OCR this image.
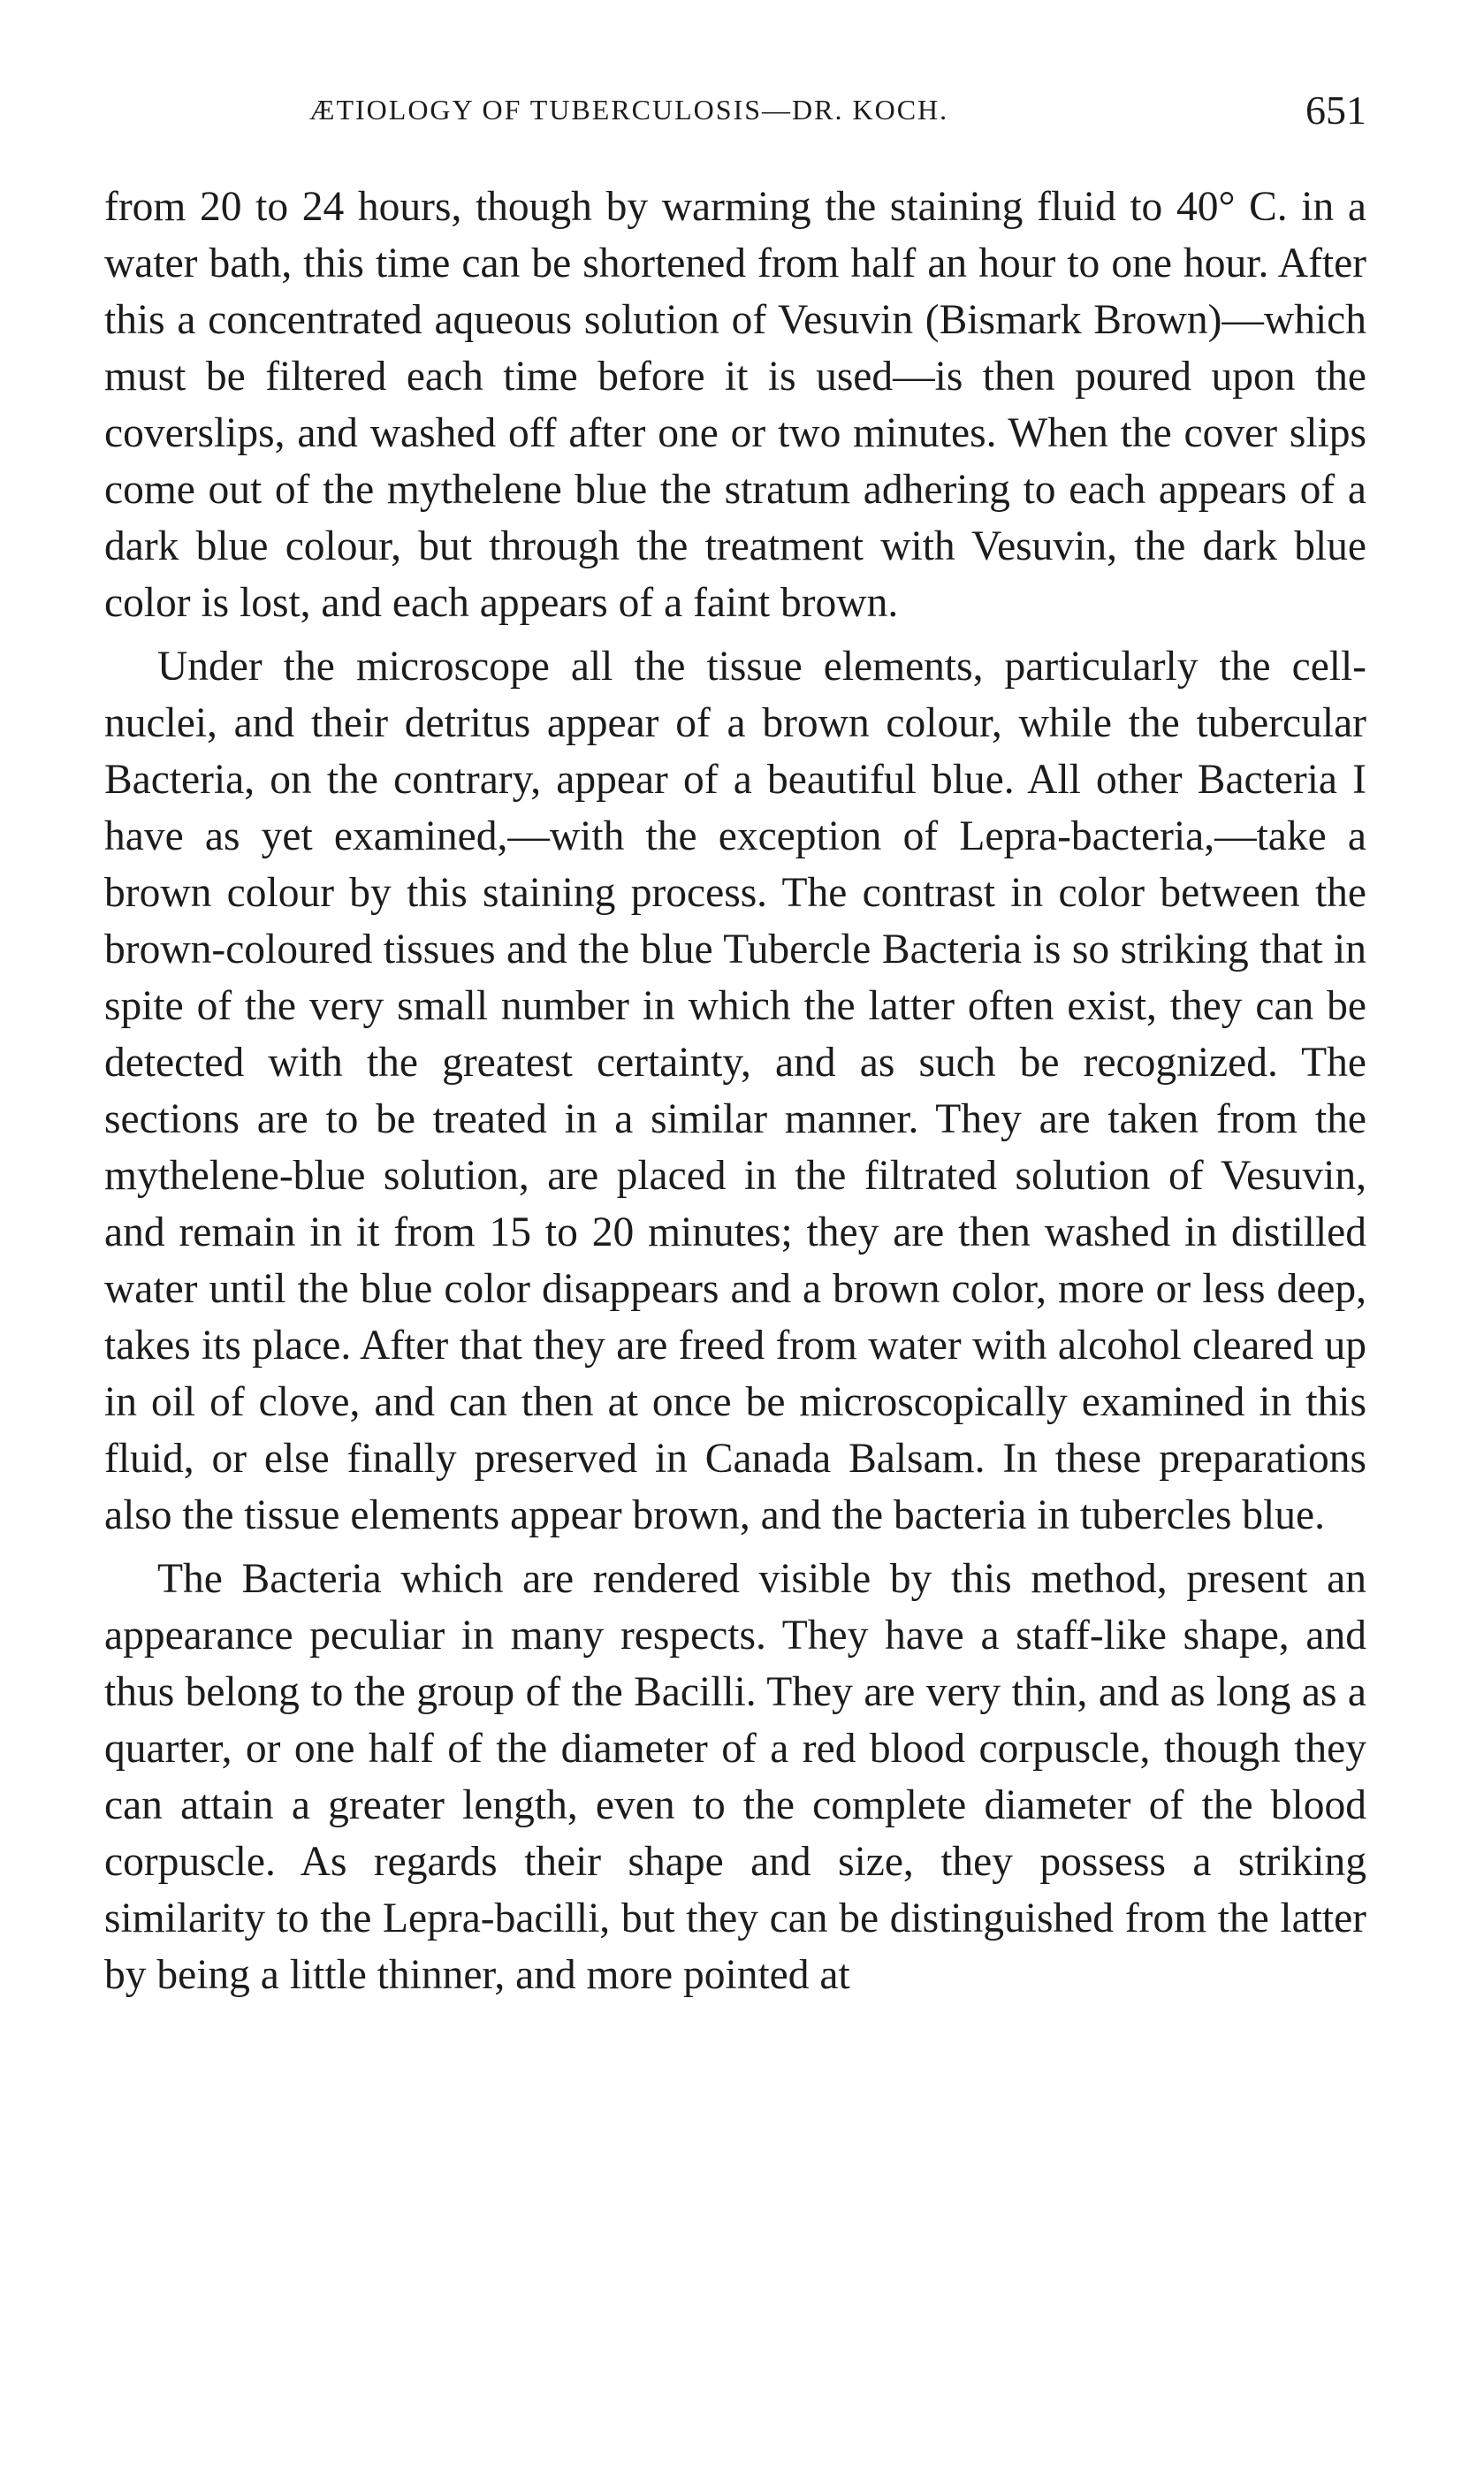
ÆTIOLOGY OF TUBERCULOSIS—DR. KOCH.	651

from 20 to 24 hours, though by warming the staining fluid to 40° C. in a water bath, this time can be shortened from half an hour to one hour. After this a concentrated aqueous solution of Vesuvin (Bismark Brown)—which must be filtered each time before it is used—is then poured upon the coverslips, and washed off after one or two minutes. When the cover slips come out of the mythelene blue the stratum adhering to each appears of a dark blue colour, but through the treatment with Vesuvin, the dark blue color is lost, and each appears of a faint brown.

Under the microscope all the tissue elements, particularly the cell-nuclei, and their detritus appear of a brown colour, while the tubercular Bacteria, on the contrary, appear of a beautiful blue. All other Bacteria I have as yet examined,—with the exception of Lepra-bacteria,—take a brown colour by this staining process. The contrast in color between the brown-coloured tissues and the blue Tubercle Bacteria is so striking that in spite of the very small number in which the latter often exist, they can be detected with the greatest certainty, and as such be recognized. The sections are to be treated in a similar manner. They are taken from the mythelene-blue solution, are placed in the filtrated solution of Vesuvin, and remain in it from 15 to 20 minutes; they are then washed in distilled water until the blue color disappears and a brown color, more or less deep, takes its place. After that they are freed from water with alcohol cleared up in oil of clove, and can then at once be microscopically examined in this fluid, or else finally preserved in Canada Balsam. In these preparations also the tissue elements appear brown, and the bacteria in tubercles blue.

The Bacteria which are rendered visible by this method, present an appearance peculiar in many respects. They have a staff-like shape, and thus belong to the group of the Bacilli. They are very thin, and as long as a quarter, or one half of the diameter of a red blood corpuscle, though they can attain a greater length, even to the complete diameter of the blood corpuscle. As regards their shape and size, they possess a striking similarity to the Lepra-bacilli, but they can be distinguished from the latter by being a little thinner, and more pointed at
